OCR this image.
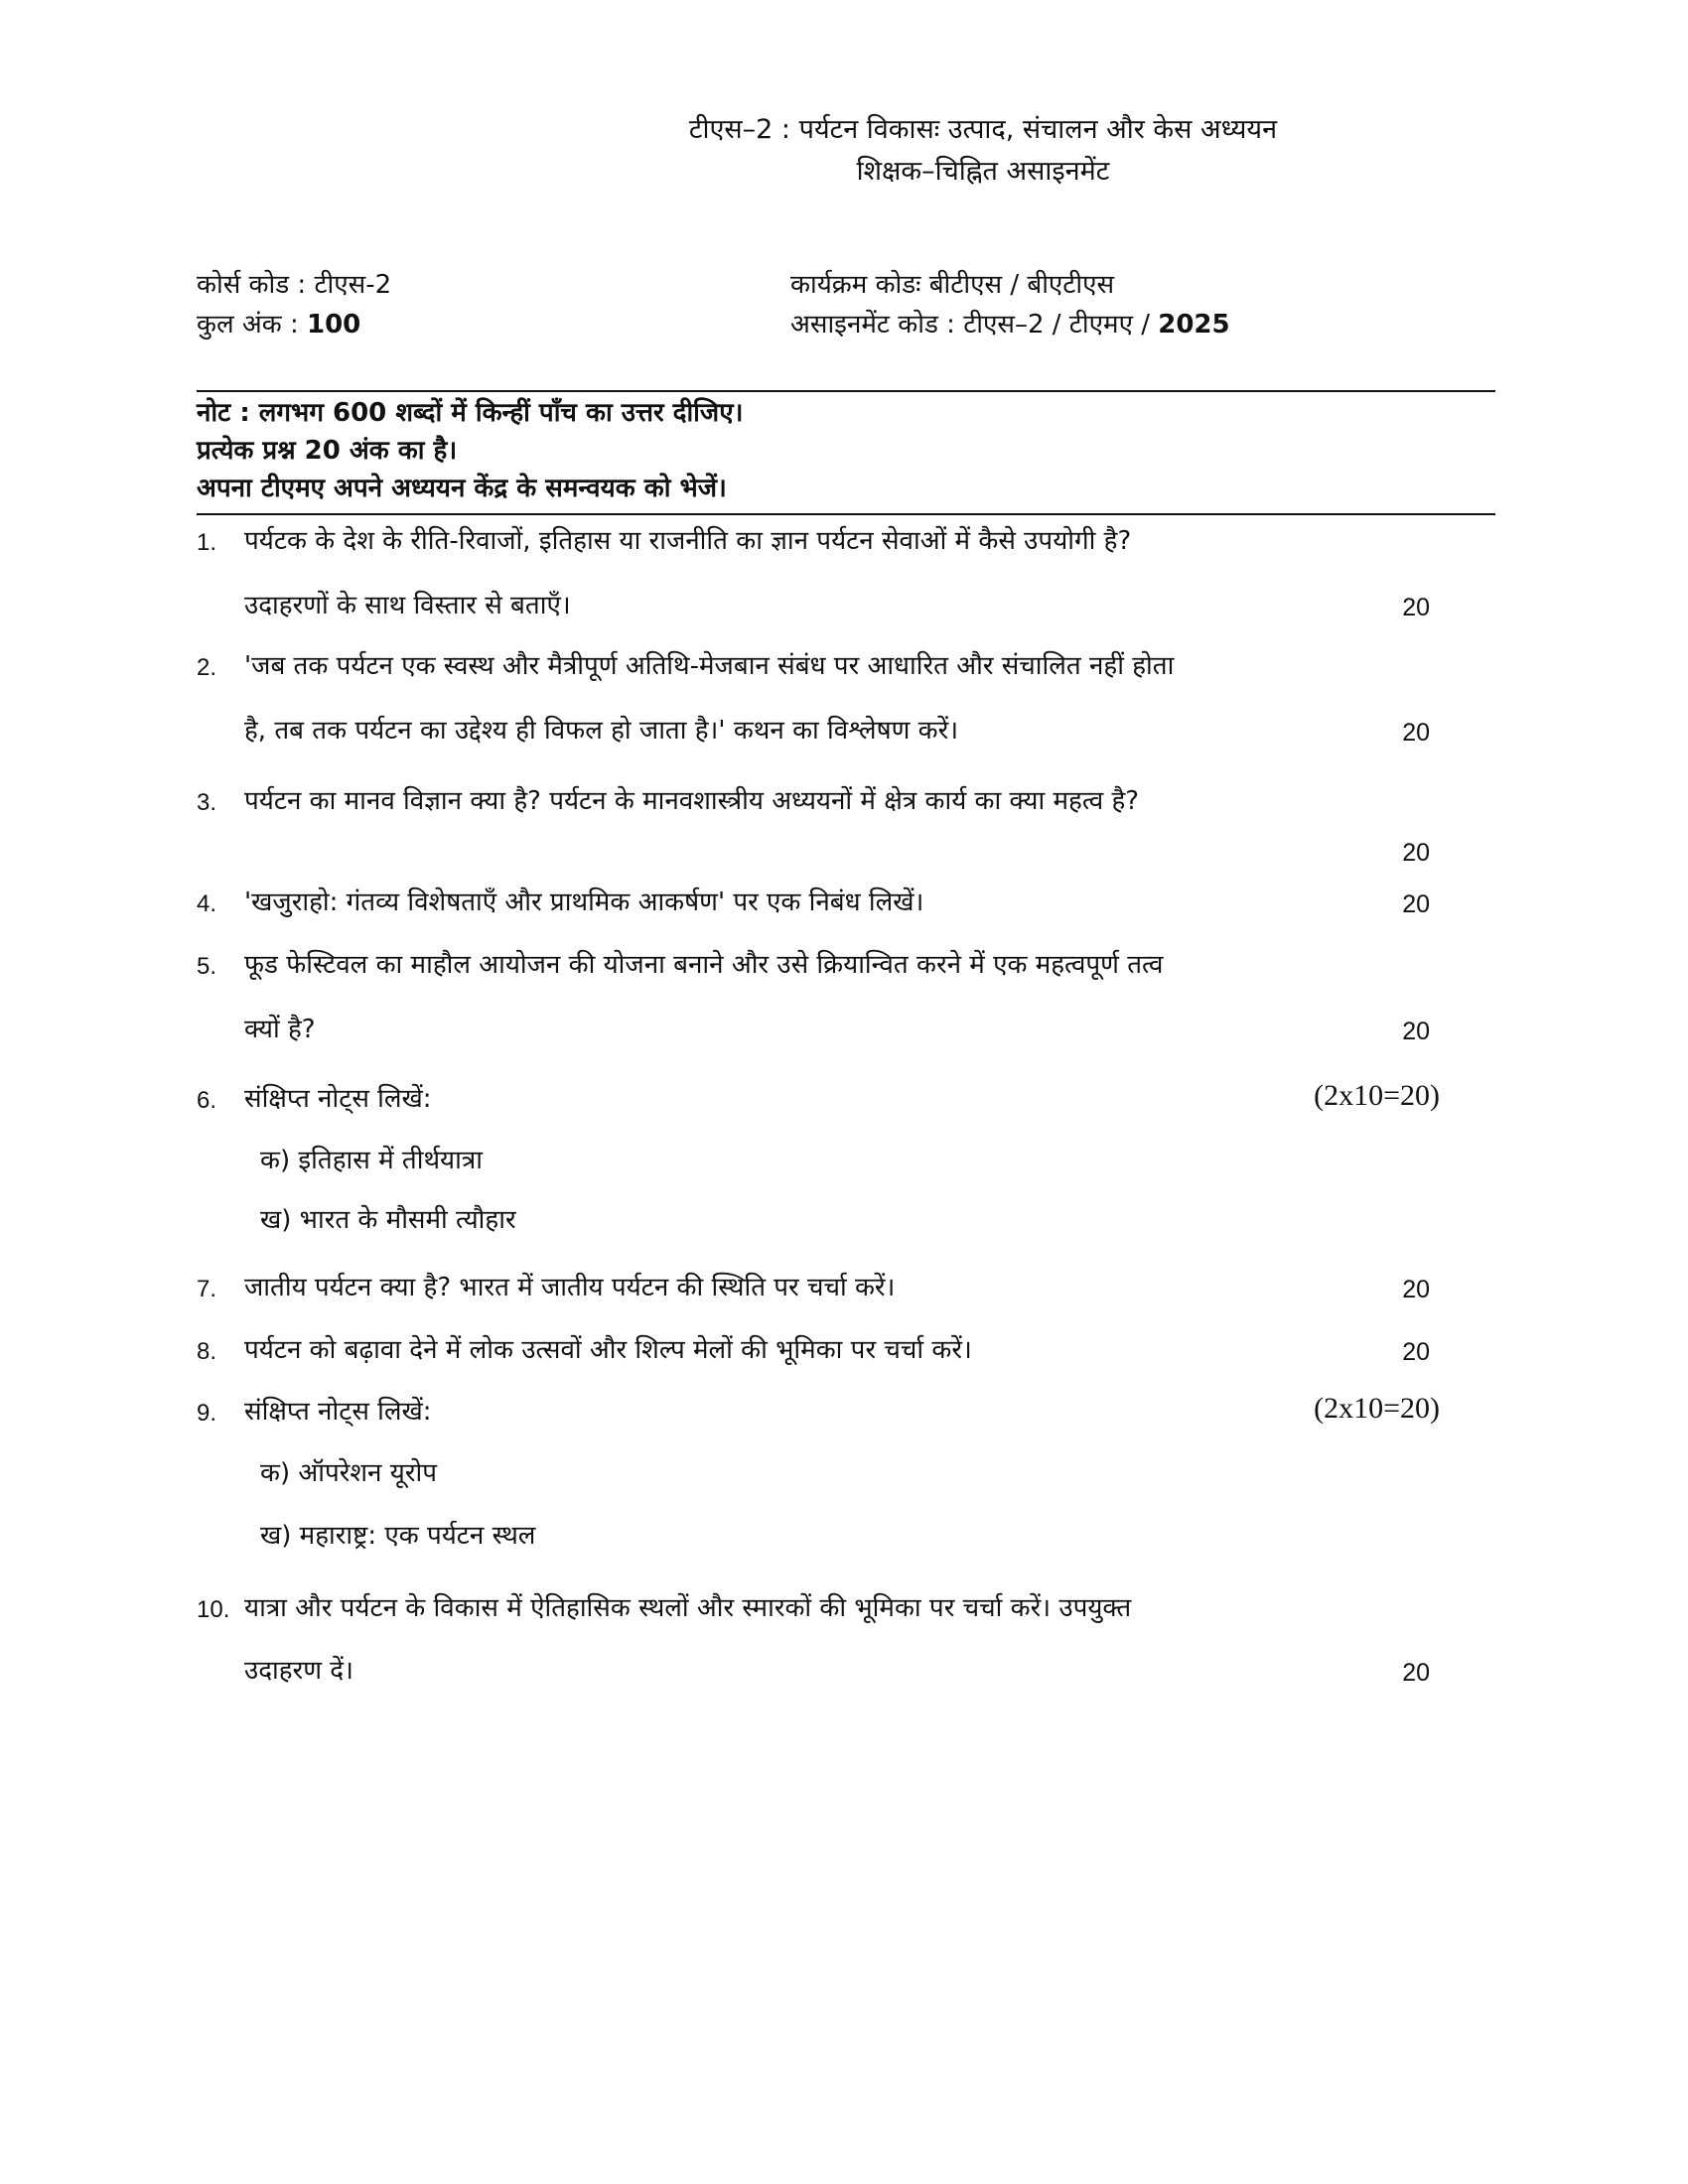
टीएस–2 : पर्यटन विकासः उत्पाद, संचालन और केस अध्ययन
शिक्षक–चिह्नित असाइनमेंट
कोर्स कोड : टीएस-2
कुल अंक : 100
कार्यक्रम कोडः बीटीएस / बीएटीएस
असाइनमेंट कोड : टीएस–2 / टीएमए / 2025
नोट : लगभग 600 शब्दों में किन्हीं पाँच का उत्तर दीजिए।
प्रत्येक प्रश्न 20 अंक का है।
अपना टीएमए अपने अध्ययन केंद्र के समन्वयक को भेजें।
1. पर्यटक के देश के रीति-रिवाजों, इतिहास या राजनीति का ज्ञान पर्यटन सेवाओं में कैसे उपयोगी है?
उदाहरणों के साथ विस्तार से बताएँ।	20
2. 'जब तक पर्यटन एक स्वस्थ और मैत्रीपूर्ण अतिथि-मेजबान संबंध पर आधारित और संचालित नहीं होता
है, तब तक पर्यटन का उद्देश्य ही विफल हो जाता है।' कथन का विश्लेषण करें।	20
3. पर्यटन का मानव विज्ञान क्या है? पर्यटन के मानवशास्त्रीय अध्ययनों में क्षेत्र कार्य का क्या महत्व है?
20
4. 'खजुराहो: गंतव्य विशेषताएँ और प्राथमिक आकर्षण' पर एक निबंध लिखें।	20
5. फूड फेस्टिवल का माहौल आयोजन की योजना बनाने और उसे क्रियान्वित करने में एक महत्वपूर्ण तत्व
क्यों है?	20
6. संक्षिप्त नोट्स लिखें:	(2x10=20)
क) इतिहास में तीर्थयात्रा
ख) भारत के मौसमी त्यौहार
7. जातीय पर्यटन क्या है? भारत में जातीय पर्यटन की स्थिति पर चर्चा करें।	20
8. पर्यटन को बढ़ावा देने में लोक उत्सवों और शिल्प मेलों की भूमिका पर चर्चा करें।	20
9. संक्षिप्त नोट्स लिखें:	(2x10=20)
क) ऑपरेशन यूरोप
ख) महाराष्ट्र: एक पर्यटन स्थल
10. यात्रा और पर्यटन के विकास में ऐतिहासिक स्थलों और स्मारकों की भूमिका पर चर्चा करें। उपयुक्त
उदाहरण दें।	20
